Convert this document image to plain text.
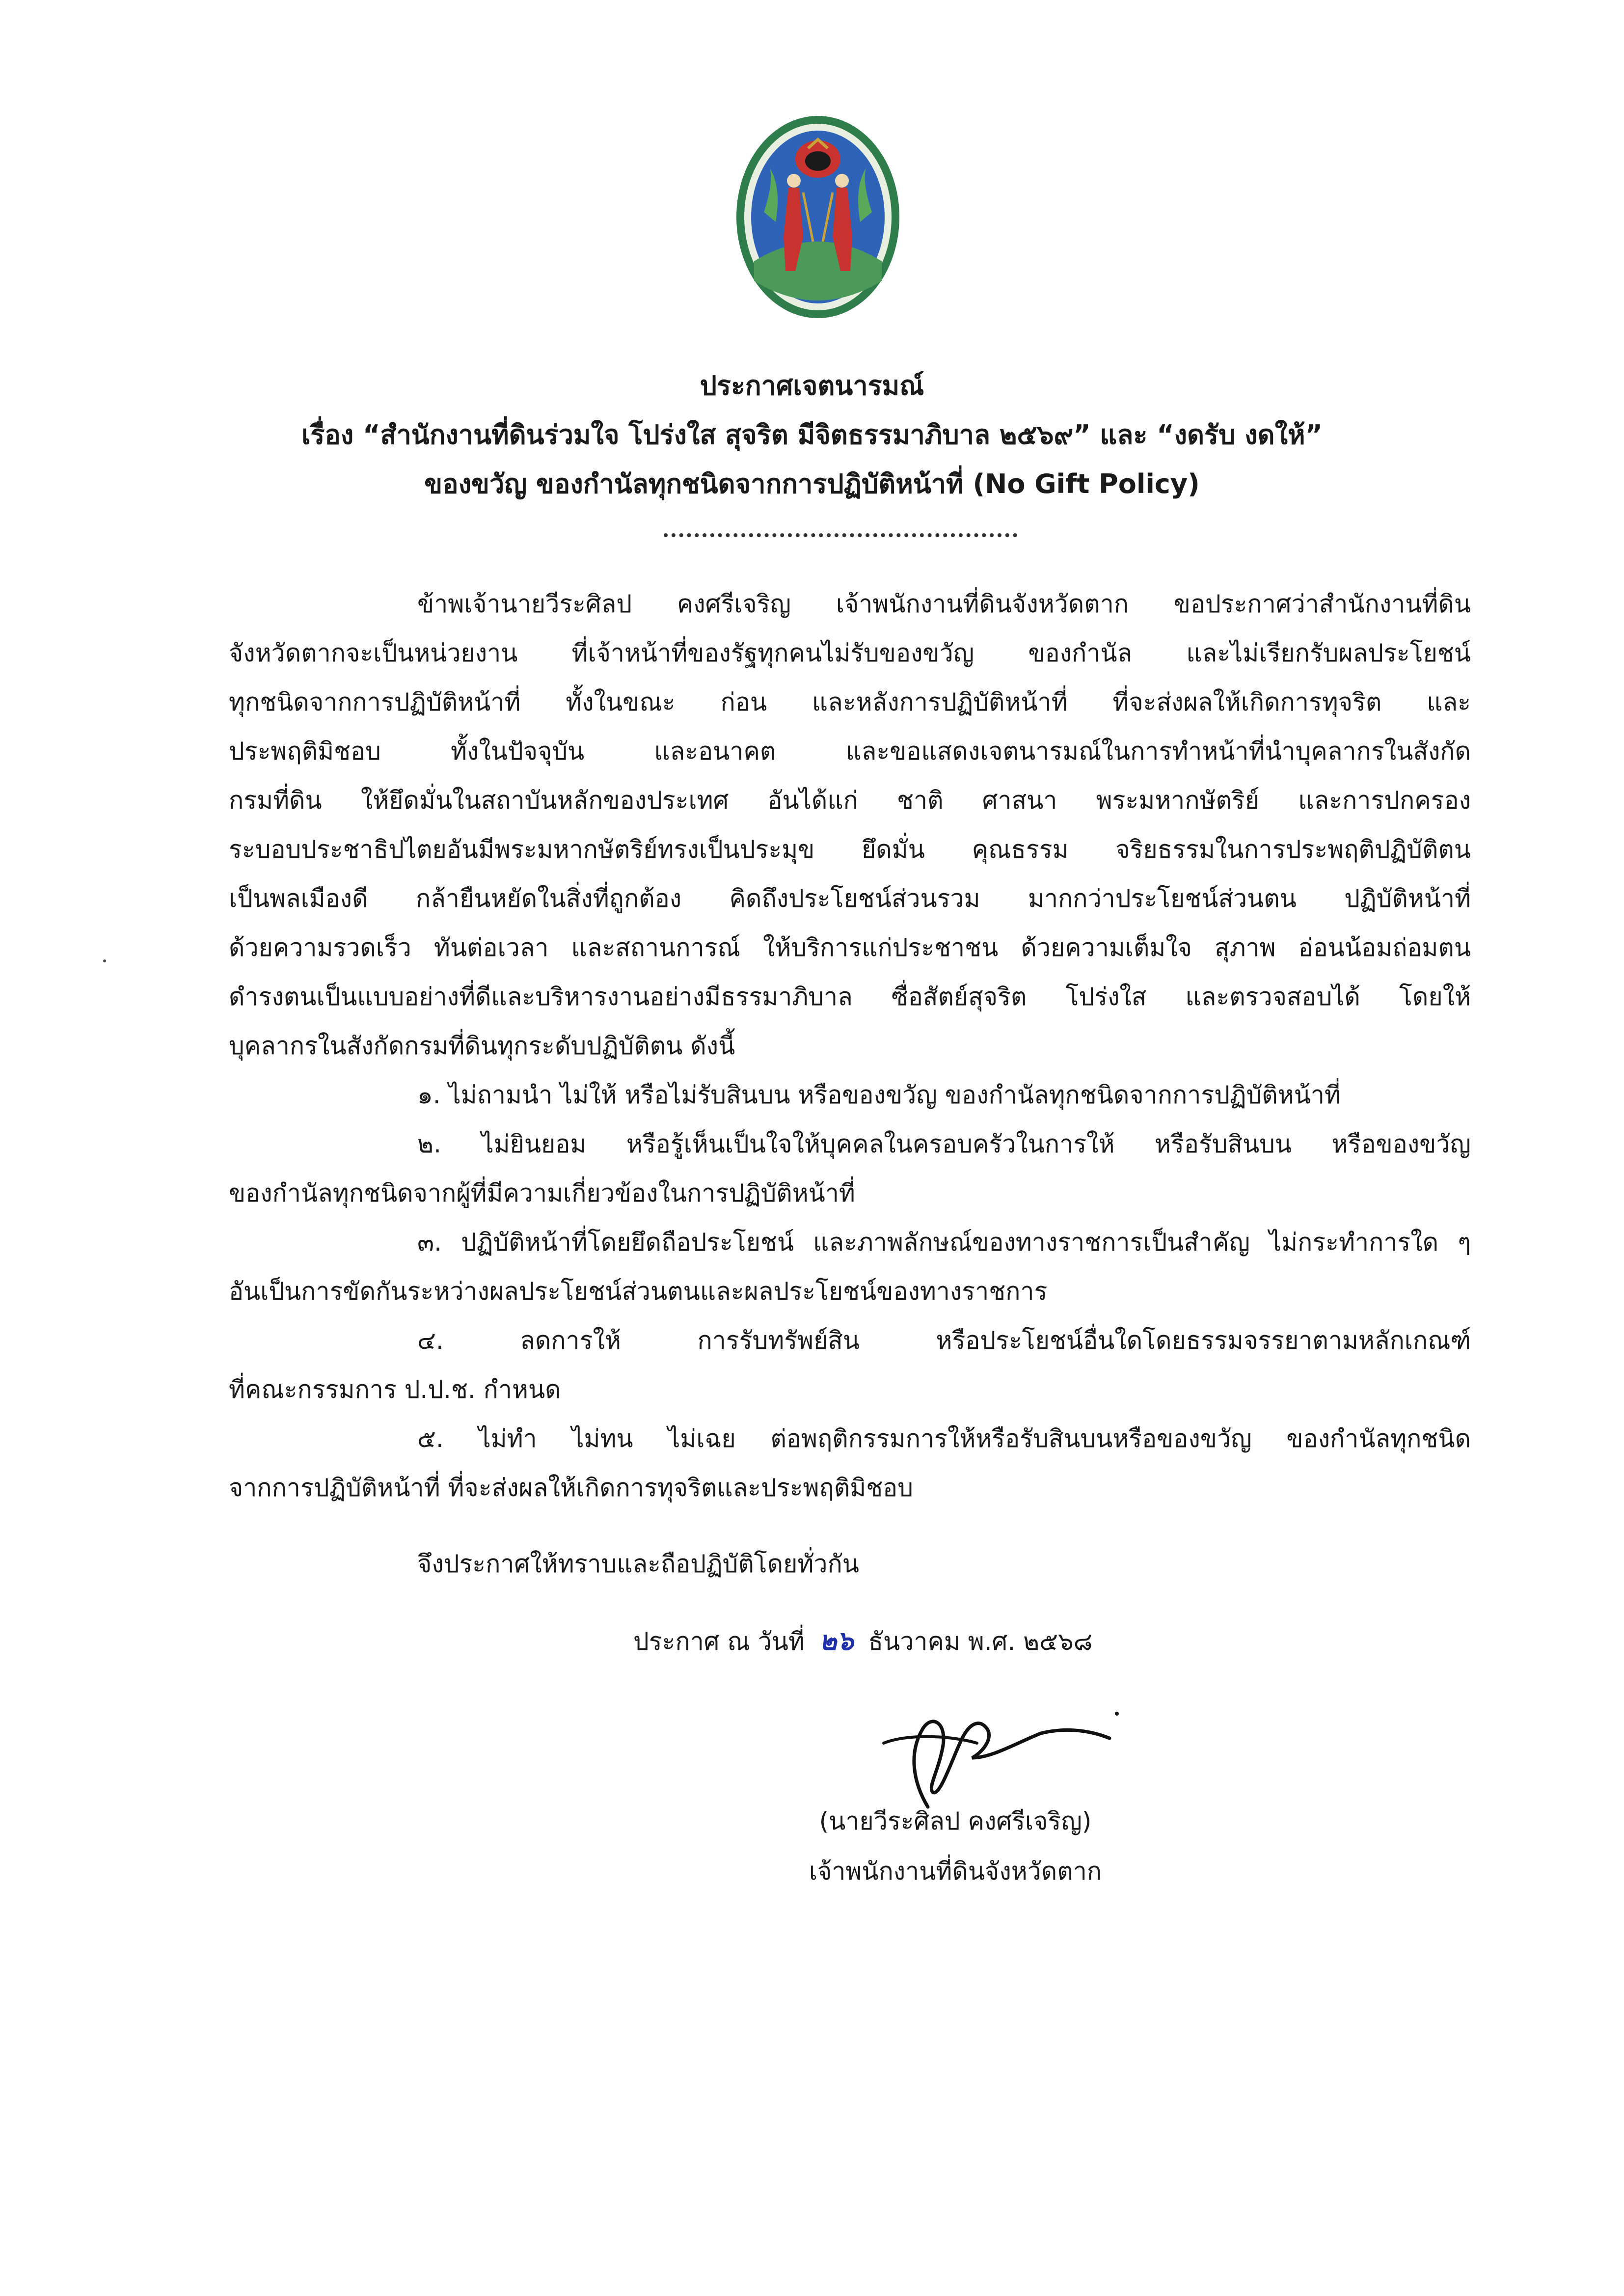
ประกาศเจตนารมณ์
เรื่อง “สำนักงานที่ดินร่วมใจ โปร่งใส สุจริต มีจิตธรรมาภิบาล ๒๕๖๙” และ “งดรับ งดให้”
ของขวัญ ของกำนัลทุกชนิดจากการปฏิบัติหน้าที่ (No Gift Policy)
ข้าพเจ้านายวีระศิลป คงศรีเจริญ เจ้าพนักงานที่ดินจังหวัดตาก ขอประกาศว่าสำนักงานที่ดิน
จังหวัดตากจะเป็นหน่วยงาน ที่เจ้าหน้าที่ของรัฐทุกคนไม่รับของขวัญ ของกำนัล และไม่เรียกรับผลประโยชน์
ทุกชนิดจากการปฏิบัติหน้าที่ ทั้งในขณะ ก่อน และหลังการปฏิบัติหน้าที่ ที่จะส่งผลให้เกิดการทุจริต และ
ประพฤติมิชอบ ทั้งในปัจจุบัน และอนาคต และขอแสดงเจตนารมณ์ในการทำหน้าที่นำบุคลากรในสังกัด
กรมที่ดิน ให้ยึดมั่นในสถาบันหลักของประเทศ อันได้แก่ ชาติ ศาสนา พระมหากษัตริย์ และการปกครอง
ระบอบประชาธิปไตยอันมีพระมหากษัตริย์ทรงเป็นประมุข ยึดมั่น คุณธรรม จริยธรรมในการประพฤติปฏิบัติตน
เป็นพลเมืองดี กล้ายืนหยัดในสิ่งที่ถูกต้อง คิดถึงประโยชน์ส่วนรวม มากกว่าประโยชน์ส่วนตน ปฏิบัติหน้าที่
ด้วยความรวดเร็ว ทันต่อเวลา และสถานการณ์ ให้บริการแก่ประชาชน ด้วยความเต็มใจ สุภาพ อ่อนน้อมถ่อมตน
ดำรงตนเป็นแบบอย่างที่ดีและบริหารงานอย่างมีธรรมาภิบาล ซื่อสัตย์สุจริต โปร่งใส และตรวจสอบได้ โดยให้
บุคลากรในสังกัดกรมที่ดินทุกระดับปฏิบัติตน ดังนี้
๑. ไม่ถามนำ ไม่ให้ หรือไม่รับสินบน หรือของขวัญ ของกำนัลทุกชนิดจากการปฏิบัติหน้าที่
๒. ไม่ยินยอม หรือรู้เห็นเป็นใจให้บุคคลในครอบครัวในการให้ หรือรับสินบน หรือของขวัญ
ของกำนัลทุกชนิดจากผู้ที่มีความเกี่ยวข้องในการปฏิบัติหน้าที่
๓. ปฏิบัติหน้าที่โดยยึดถือประโยชน์ และภาพลักษณ์ของทางราชการเป็นสำคัญ ไม่กระทำการใด ๆ
อันเป็นการขัดกันระหว่างผลประโยชน์ส่วนตนและผลประโยชน์ของทางราชการ
๔. ลดการให้ การรับทรัพย์สิน หรือประโยชน์อื่นใดโดยธรรมจรรยาตามหลักเกณฑ์
ที่คณะกรรมการ ป.ป.ช. กำหนด
๕. ไม่ทำ ไม่ทน ไม่เฉย ต่อพฤติกรรมการให้หรือรับสินบนหรือของขวัญ ของกำนัลทุกชนิด
จากการปฏิบัติหน้าที่ ที่จะส่งผลให้เกิดการทุจริตและประพฤติมิชอบ
จึงประกาศให้ทราบและถือปฏิบัติโดยทั่วกัน
ประกาศ ณ วันที่ ๒๖ ธันวาคม พ.ศ. ๒๕๖๘
(นายวีระศิลป คงศรีเจริญ)
เจ้าพนักงานที่ดินจังหวัดตาก
